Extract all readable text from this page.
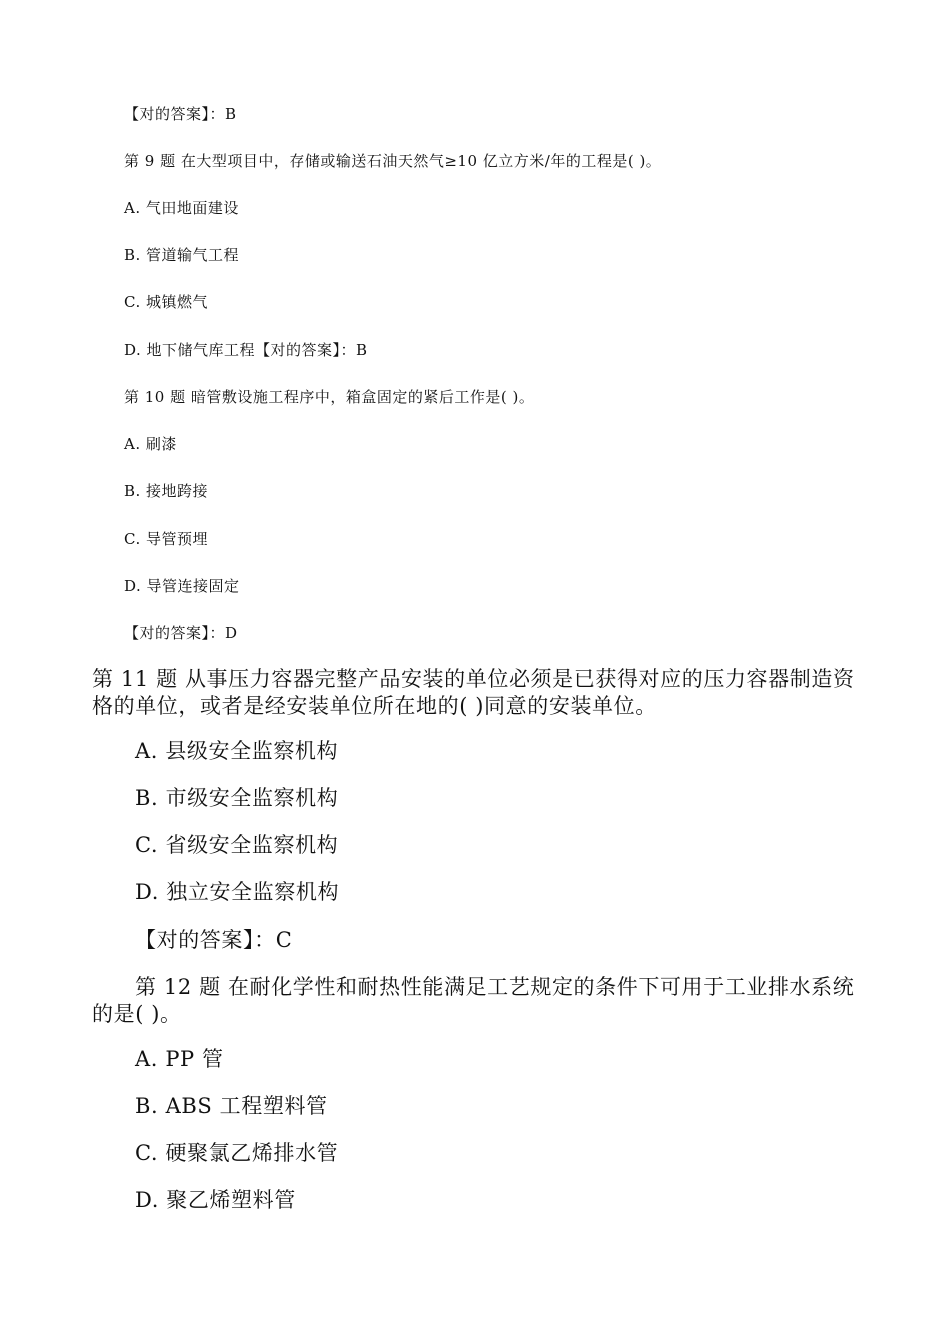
【对的答案】：B
第 9 题 在大型项目中，存储或输送石油天然气≥10 亿立方米/年的工程是( )。
A. 气田地面建设
B. 管道输气工程
C. 城镇燃气
D. 地下储气库工程【对的答案】：B
第 10 题 暗管敷设施工程序中，箱盒固定的紧后工作是( )。
A. 刷漆
B. 接地跨接
C. 导管预埋
D. 导管连接固定
【对的答案】：D
第 11 题 从事压力容器完整产品安装的单位必须是已获得对应的压力容器制造资格的单位，或者是经安装单位所在地的( )同意的安装单位。
A. 县级安全监察机构
B. 市级安全监察机构
C. 省级安全监察机构
D. 独立安全监察机构
【对的答案】：C
第 12 题 在耐化学性和耐热性能满足工艺规定的条件下可用于工业排水系统的是( )。
A. PP 管
B. ABS 工程塑料管
C. 硬聚氯乙烯排水管
D. 聚乙烯塑料管
